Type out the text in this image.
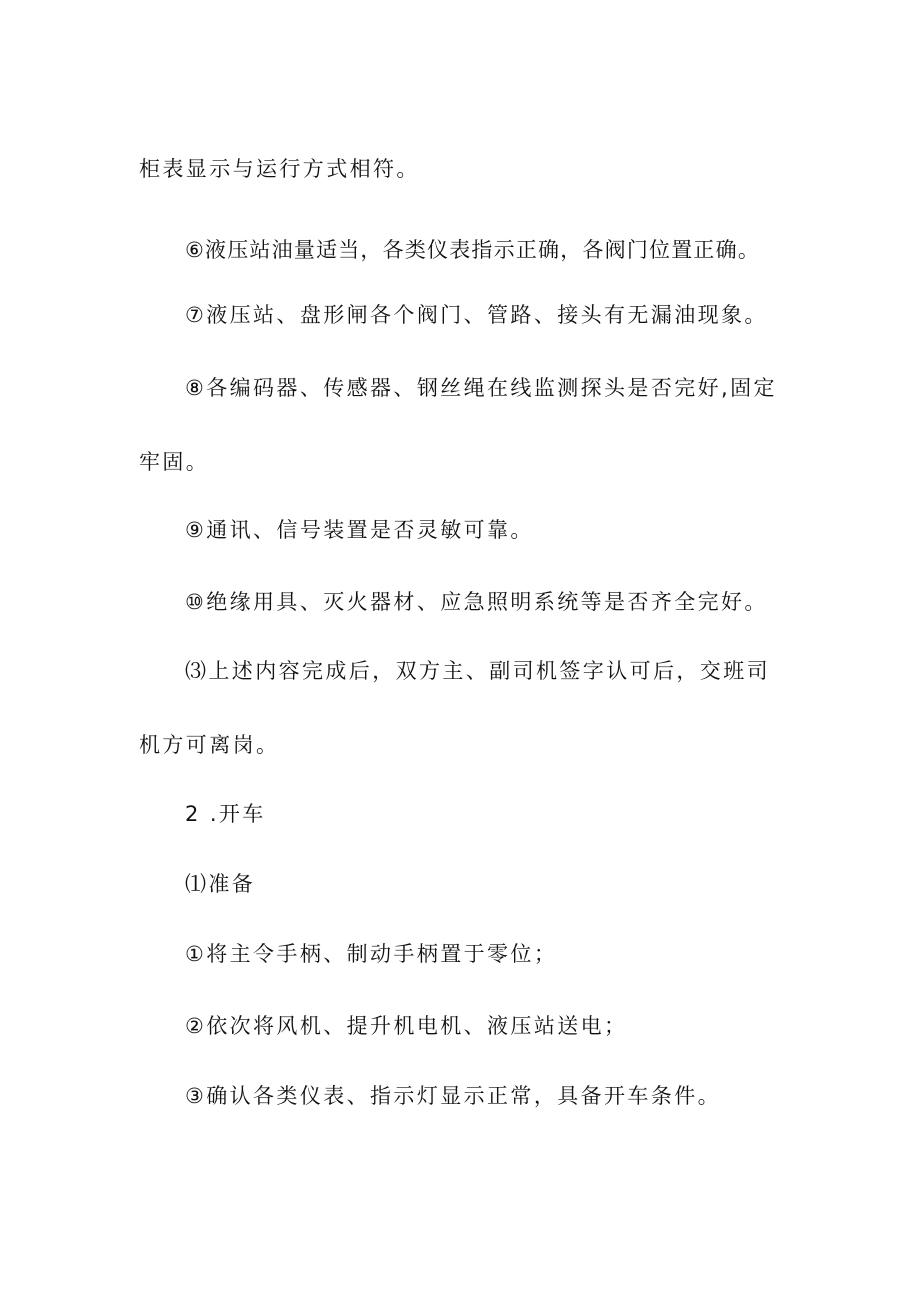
柜表显示与运行方式相符。
⑥液压站油量适当，各类仪表指示正确，各阀门位置正确。
⑦液压站、盘形闸各个阀门、管路、接头有无漏油现象。
⑧各编码器、传感器、钢丝绳在线监测探头是否完好,固定
牢固。
⑨通讯、信号装置是否灵敏可靠。
⑩绝缘用具、灭火器材、应急照明系统等是否齐全完好。
⑶上述内容完成后，双方主、副司机签字认可后，交班司
机方可离岗。
2 .开车
⑴准备
①将主令手柄、制动手柄置于零位；
②依次将风机、提升机电机、液压站送电；
③确认各类仪表、指示灯显示正常，具备开车条件。
